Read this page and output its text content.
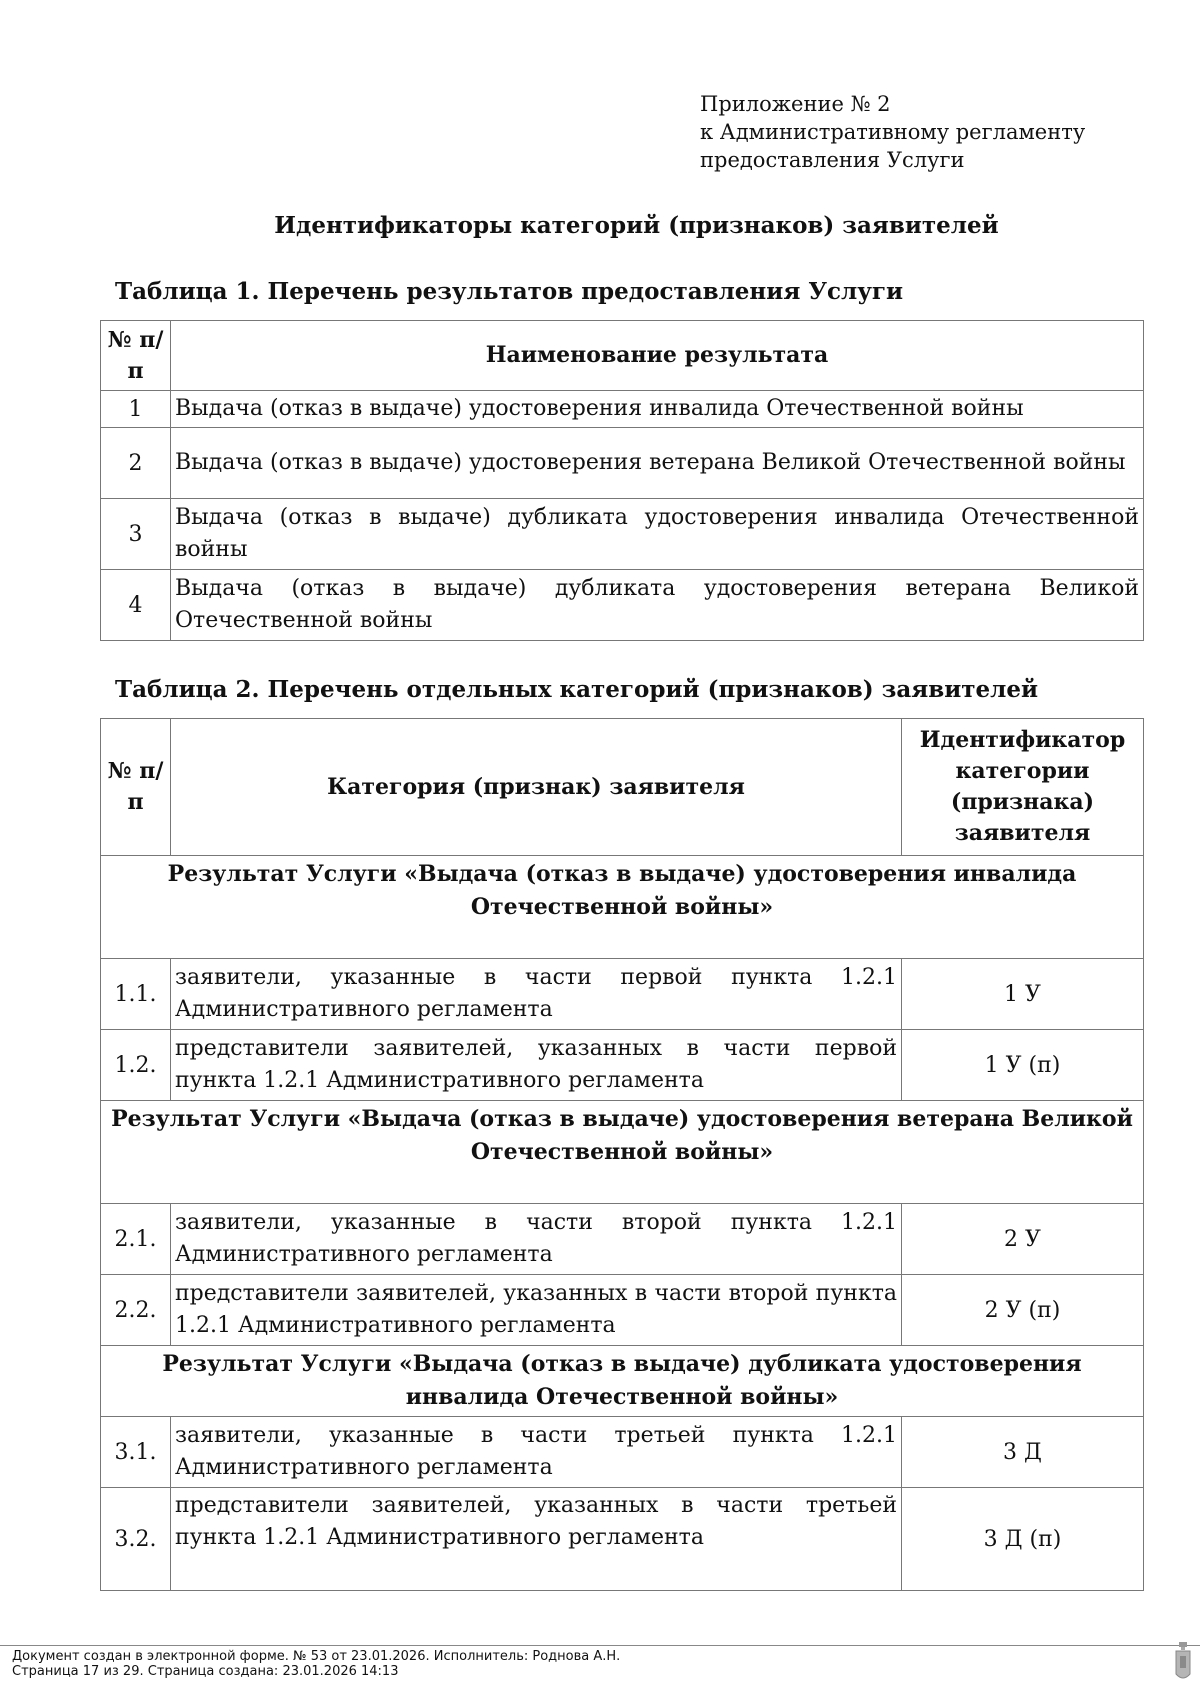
Приложение № 2
к Административному регламенту
предоставления Услуги
Идентификаторы категорий (признаков) заявителей
Таблица 1. Перечень результатов предоставления Услуги
№ п/п	Наименование результата
1	Выдача (отказ в выдаче) удостоверения инвалида Отечественной войны
2	Выдача (отказ в выдаче) удостоверения ветерана Великой Отечественной войны
3	Выдача (отказ в выдаче) дубликата удостоверения инвалида Отечественной войны
4	Выдача (отказ в выдаче) дубликата удостоверения ветерана Великой Отечественной войны
Таблица 2. Перечень отдельных категорий (признаков) заявителей
№ п/п	Категория (признак) заявителя	Идентификатор категории (признака) заявителя
Результат Услуги «Выдача (отказ в выдаче) удостоверения инвалида Отечественной войны»		
1.1.	заявители, указанные в части первой пункта 1.2.1 Административного регламента	1 У
1.2.	представители заявителей, указанных в части первой пункта 1.2.1 Административного регламента	1 У (п)
Результат Услуги «Выдача (отказ в выдаче) удостоверения ветерана Великой Отечественной войны»		
2.1.	заявители, указанные в части второй пункта 1.2.1 Административного регламента	2 У
2.2.	представители заявителей, указанных в части второй пункта 1.2.1 Административного регламента	2 У (п)
Результат Услуги «Выдача (отказ в выдаче) дубликата удостоверения инвалида Отечественной войны»		
3.1.	заявители, указанные в части третьей пункта 1.2.1 Административного регламента	3 Д
3.2.	представители заявителей, указанных в части третьей пункта 1.2.1 Административного регламента	3 Д (п)
Документ создан в электронной форме. № 53 от 23.01.2026. Исполнитель: Роднова А.Н.
Страница 17 из 29. Страница создана: 23.01.2026 14:13
